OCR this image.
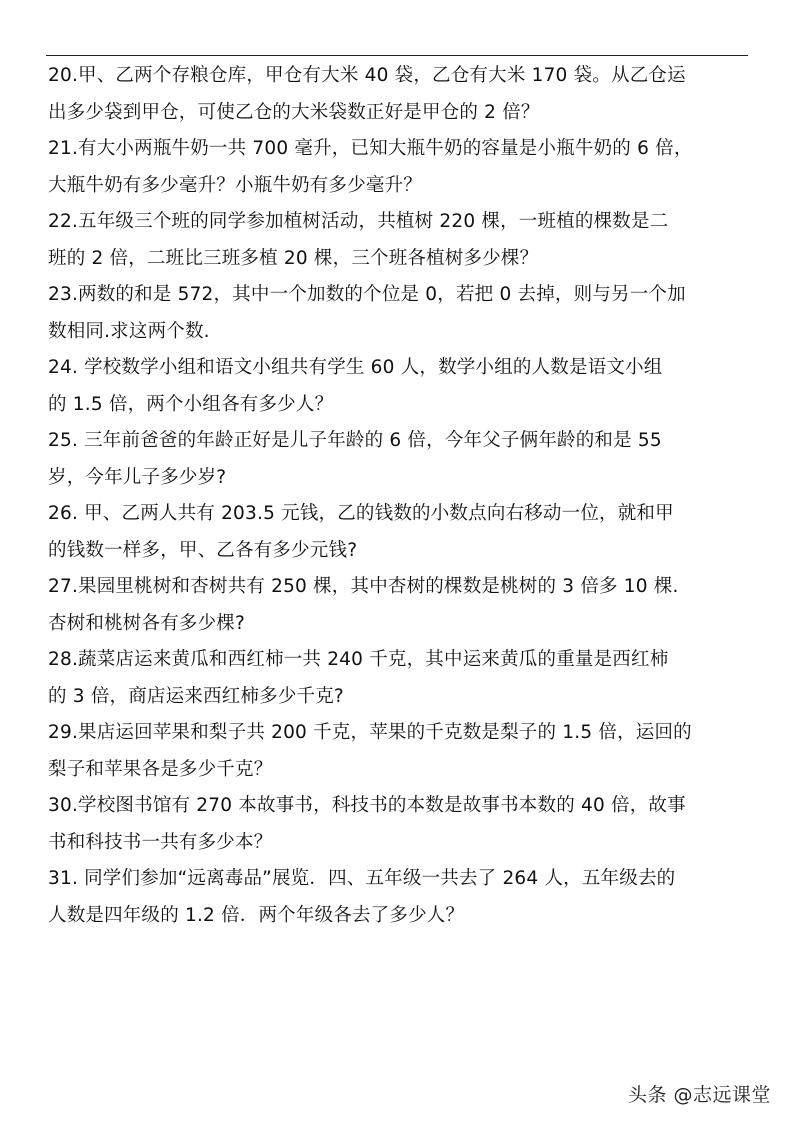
20.甲、乙两个存粮仓库，甲仓有大米 40 袋，乙仓有大米 170 袋。从乙仓运
出多少袋到甲仓，可使乙仓的大米袋数正好是甲仓的 2 倍？
21.有大小两瓶牛奶一共 700 毫升，已知大瓶牛奶的容量是小瓶牛奶的 6 倍，
大瓶牛奶有多少毫升？小瓶牛奶有多少毫升？
22.五年级三个班的同学参加植树活动，共植树 220 棵，一班植的棵数是二
班的 2 倍，二班比三班多植 20 棵，三个班各植树多少棵？
23.两数的和是 572，其中一个加数的个位是 0，若把 0 去掉，则与另一个加
数相同.求这两个数.
24. 学校数学小组和语文小组共有学生 60 人，数学小组的人数是语文小组
的 1.5 倍，两个小组各有多少人？
25. 三年前爸爸的年龄正好是儿子年龄的 6 倍，今年父子俩年龄的和是 55
岁，今年儿子多少岁?
26. 甲、乙两人共有 203.5 元钱，乙的钱数的小数点向右移动一位，就和甲
的钱数一样多，甲、乙各有多少元钱?
27.果园里桃树和杏树共有 250 棵，其中杏树的棵数是桃树的 3 倍多 10 棵.
杏树和桃树各有多少棵?
28.蔬菜店运来黄瓜和西红柿一共 240 千克，其中运来黄瓜的重量是西红柿
的 3 倍，商店运来西红柿多少千克?
29.果店运回苹果和梨子共 200 千克，苹果的千克数是梨子的 1.5 倍，运回的
梨子和苹果各是多少千克？
30.学校图书馆有 270 本故事书，科技书的本数是故事书本数的 40 倍，故事
书和科技书一共有多少本？
31. 同学们参加“远离毒品”展览．四、五年级一共去了 264 人，五年级去的
人数是四年级的 1.2 倍．两个年级各去了多少人？
头条 @志远课堂
